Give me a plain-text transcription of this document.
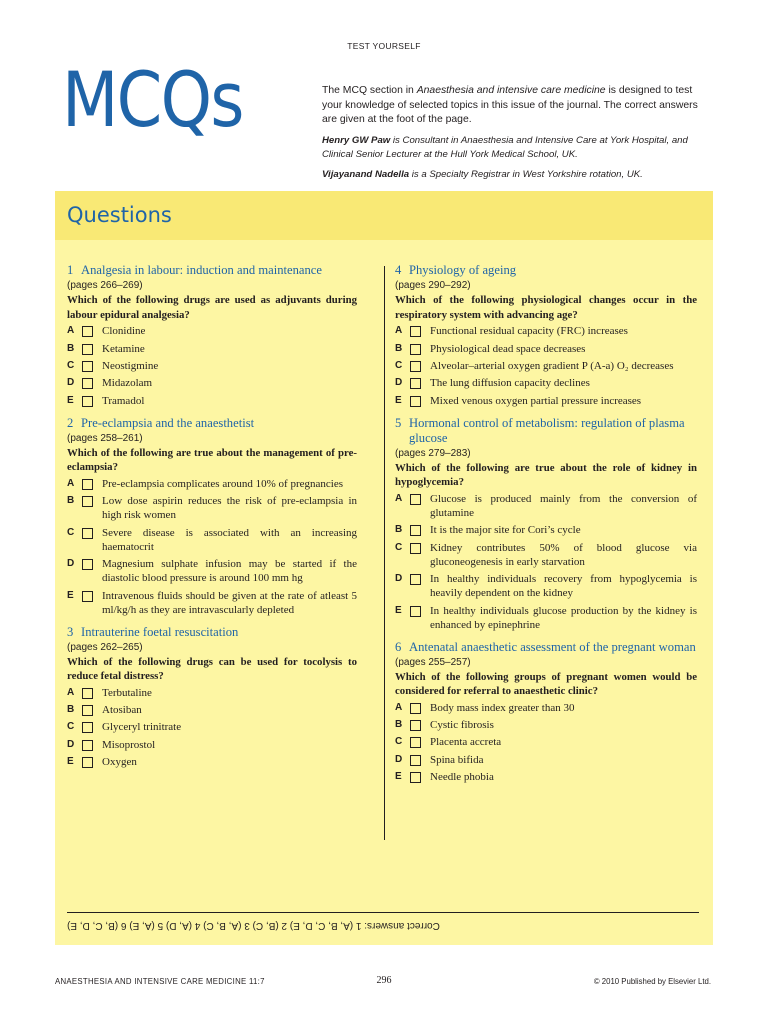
TEST YOURSELF
MCQs	The MCQ section in Anaesthesia and intensive care medicine is designed to test your knowledge of selected topics in this issue of the journal. The correct answers are given at the foot of the page.

Henry GW Paw is Consultant in Anaesthesia and Intensive Care at York Hospital, and Clinical Senior Lecturer at the Hull York Medical School, UK.

Vijayanand Nadella is a Specialty Registrar in West Yorkshire rotation, UK.

Questions
1 Analgesia in labour: induction and maintenance
(pages 266–269)
Which of the following drugs are used as adjuvants during labour epidural analgesia?
A	Clonidine
B	Ketamine
C	Neostigmine
D	Midazolam
E	Tramadol
2 Pre-eclampsia and the anaesthetist
(pages 258–261)
Which of the following are true about the management of pre-eclampsia?
A	Pre-eclampsia complicates around 10% of pregnancies
B	Low dose aspirin reduces the risk of pre-eclampsia in high risk women
C	Severe disease is associated with an increasing haematocrit
D	Magnesium sulphate infusion may be started if the diastolic blood pressure is around 100 mm hg
E	Intravenous fluids should be given at the rate of atleast 5 ml/kg/h as they are intravascularly depleted
3 Intrauterine foetal resuscitation
(pages 262–265)
Which of the following drugs can be used for tocolysis to reduce fetal distress?
A	Terbutaline
B	Atosiban
C	Glyceryl trinitrate
D	Misoprostol
E	Oxygen
4 Physiology of ageing
(pages 290–292)
Which of the following physiological changes occur in the respiratory system with advancing age?
A	Functional residual capacity (FRC) increases
B	Physiological dead space decreases
C	Alveolar–arterial oxygen gradient P (A-a) O₂ decreases
D	The lung diffusion capacity declines
E	Mixed venous oxygen partial pressure increases
5 Hormonal control of metabolism: regulation of plasma glucose
(pages 279–283)
Which of the following are true about the role of kidney in hypoglycemia?
A	Glucose is produced mainly from the conversion of glutamine
B	It is the major site for Cori’s cycle
C	Kidney contributes 50% of blood glucose via gluconeogenesis in early starvation
D	In healthy individuals recovery from hypoglycemia is heavily dependent on the kidney
E	In healthy individuals glucose production by the kidney is enhanced by epinephrine
6 Antenatal anaesthetic assessment of the pregnant woman
(pages 255–257)
Which of the following groups of pregnant women would be considered for referral to anaesthetic clinic?
A	Body mass index greater than 30
B	Cystic fibrosis
C	Placenta accreta
D	Spina bifida
E	Needle phobia
Correct answers: 1 (A, B, C, D, E) 2 (B, C) 3 (A, B, C) 4 (A, D) 5 (A, E) 6 (B, C, D, E)
ANAESTHESIA AND INTENSIVE CARE MEDICINE 11:7	296	© 2010 Published by Elsevier Ltd.
